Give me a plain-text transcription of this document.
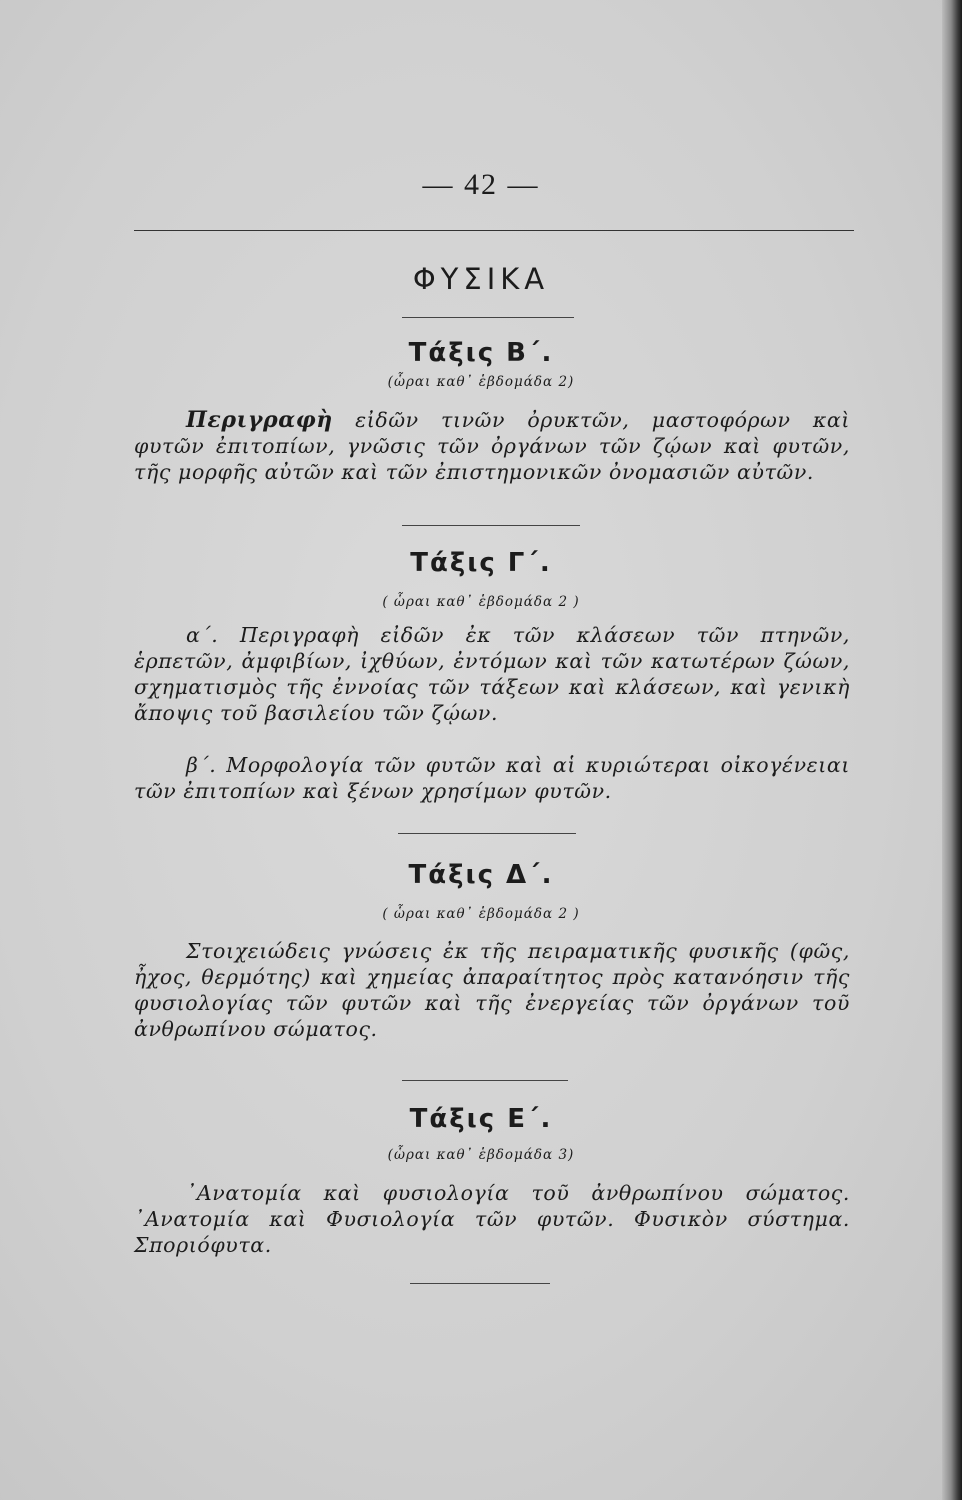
— 42 —
ΦΥΣΙΚΑ
Τάξις Β΄.
(ὧραι καθ᾿ ἑβδομάδα 2)

Περιγραφὴ εἰδῶν τινῶν ὀρυκτῶν, μαστοφόρων καὶ φυτῶν ἐπιτοπίων, γνῶσις τῶν ὀργάνων τῶν ζῴων καὶ φυτῶν, τῆς μορφῆς αὐτῶν καὶ τῶν ἐπιστημονικῶν ὀνομασιῶν αὐτῶν.

Τάξις Γ΄.
( ὧραι καθ᾿ ἑβδομάδα 2 )

α΄. Περιγραφὴ εἰδῶν ἐκ τῶν κλάσεων τῶν πτηνῶν, ἑρπετῶν, ἀμφιβίων, ἰχθύων, ἐντόμων καὶ τῶν κατωτέρων ζώων, σχηματισμὸς τῆς ἐννοίας τῶν τάξεων καὶ κλάσεων, καὶ γενικὴ ἄποψις τοῦ βασιλείου τῶν ζῴων.

β΄. Μορφολογία τῶν φυτῶν καὶ αἱ κυριώτεραι οἰκογένειαι τῶν ἐπιτοπίων καὶ ξένων χρησίμων φυτῶν.

Τάξις Δ΄.
( ὧραι καθ᾿ ἑβδομάδα 2 )

Στοιχειώδεις γνώσεις ἐκ τῆς πειραματικῆς φυσικῆς (φῶς, ἦχος, θερμότης) καὶ χημείας ἀπαραίτητος πρὸς κατανόησιν τῆς φυσιολογίας τῶν φυτῶν καὶ τῆς ἐνεργείας τῶν ὀργάνων τοῦ ἀνθρωπίνου σώματος.

Τάξις Ε΄.
(ὧραι καθ᾿ ἑβδομάδα 3)

᾿Ανατομία καὶ φυσιολογία τοῦ ἀνθρωπίνου σώματος. ᾿Ανατομία καὶ Φυσιολογία τῶν φυτῶν. Φυσικὸν σύστημα. Σποριόφυτα.
